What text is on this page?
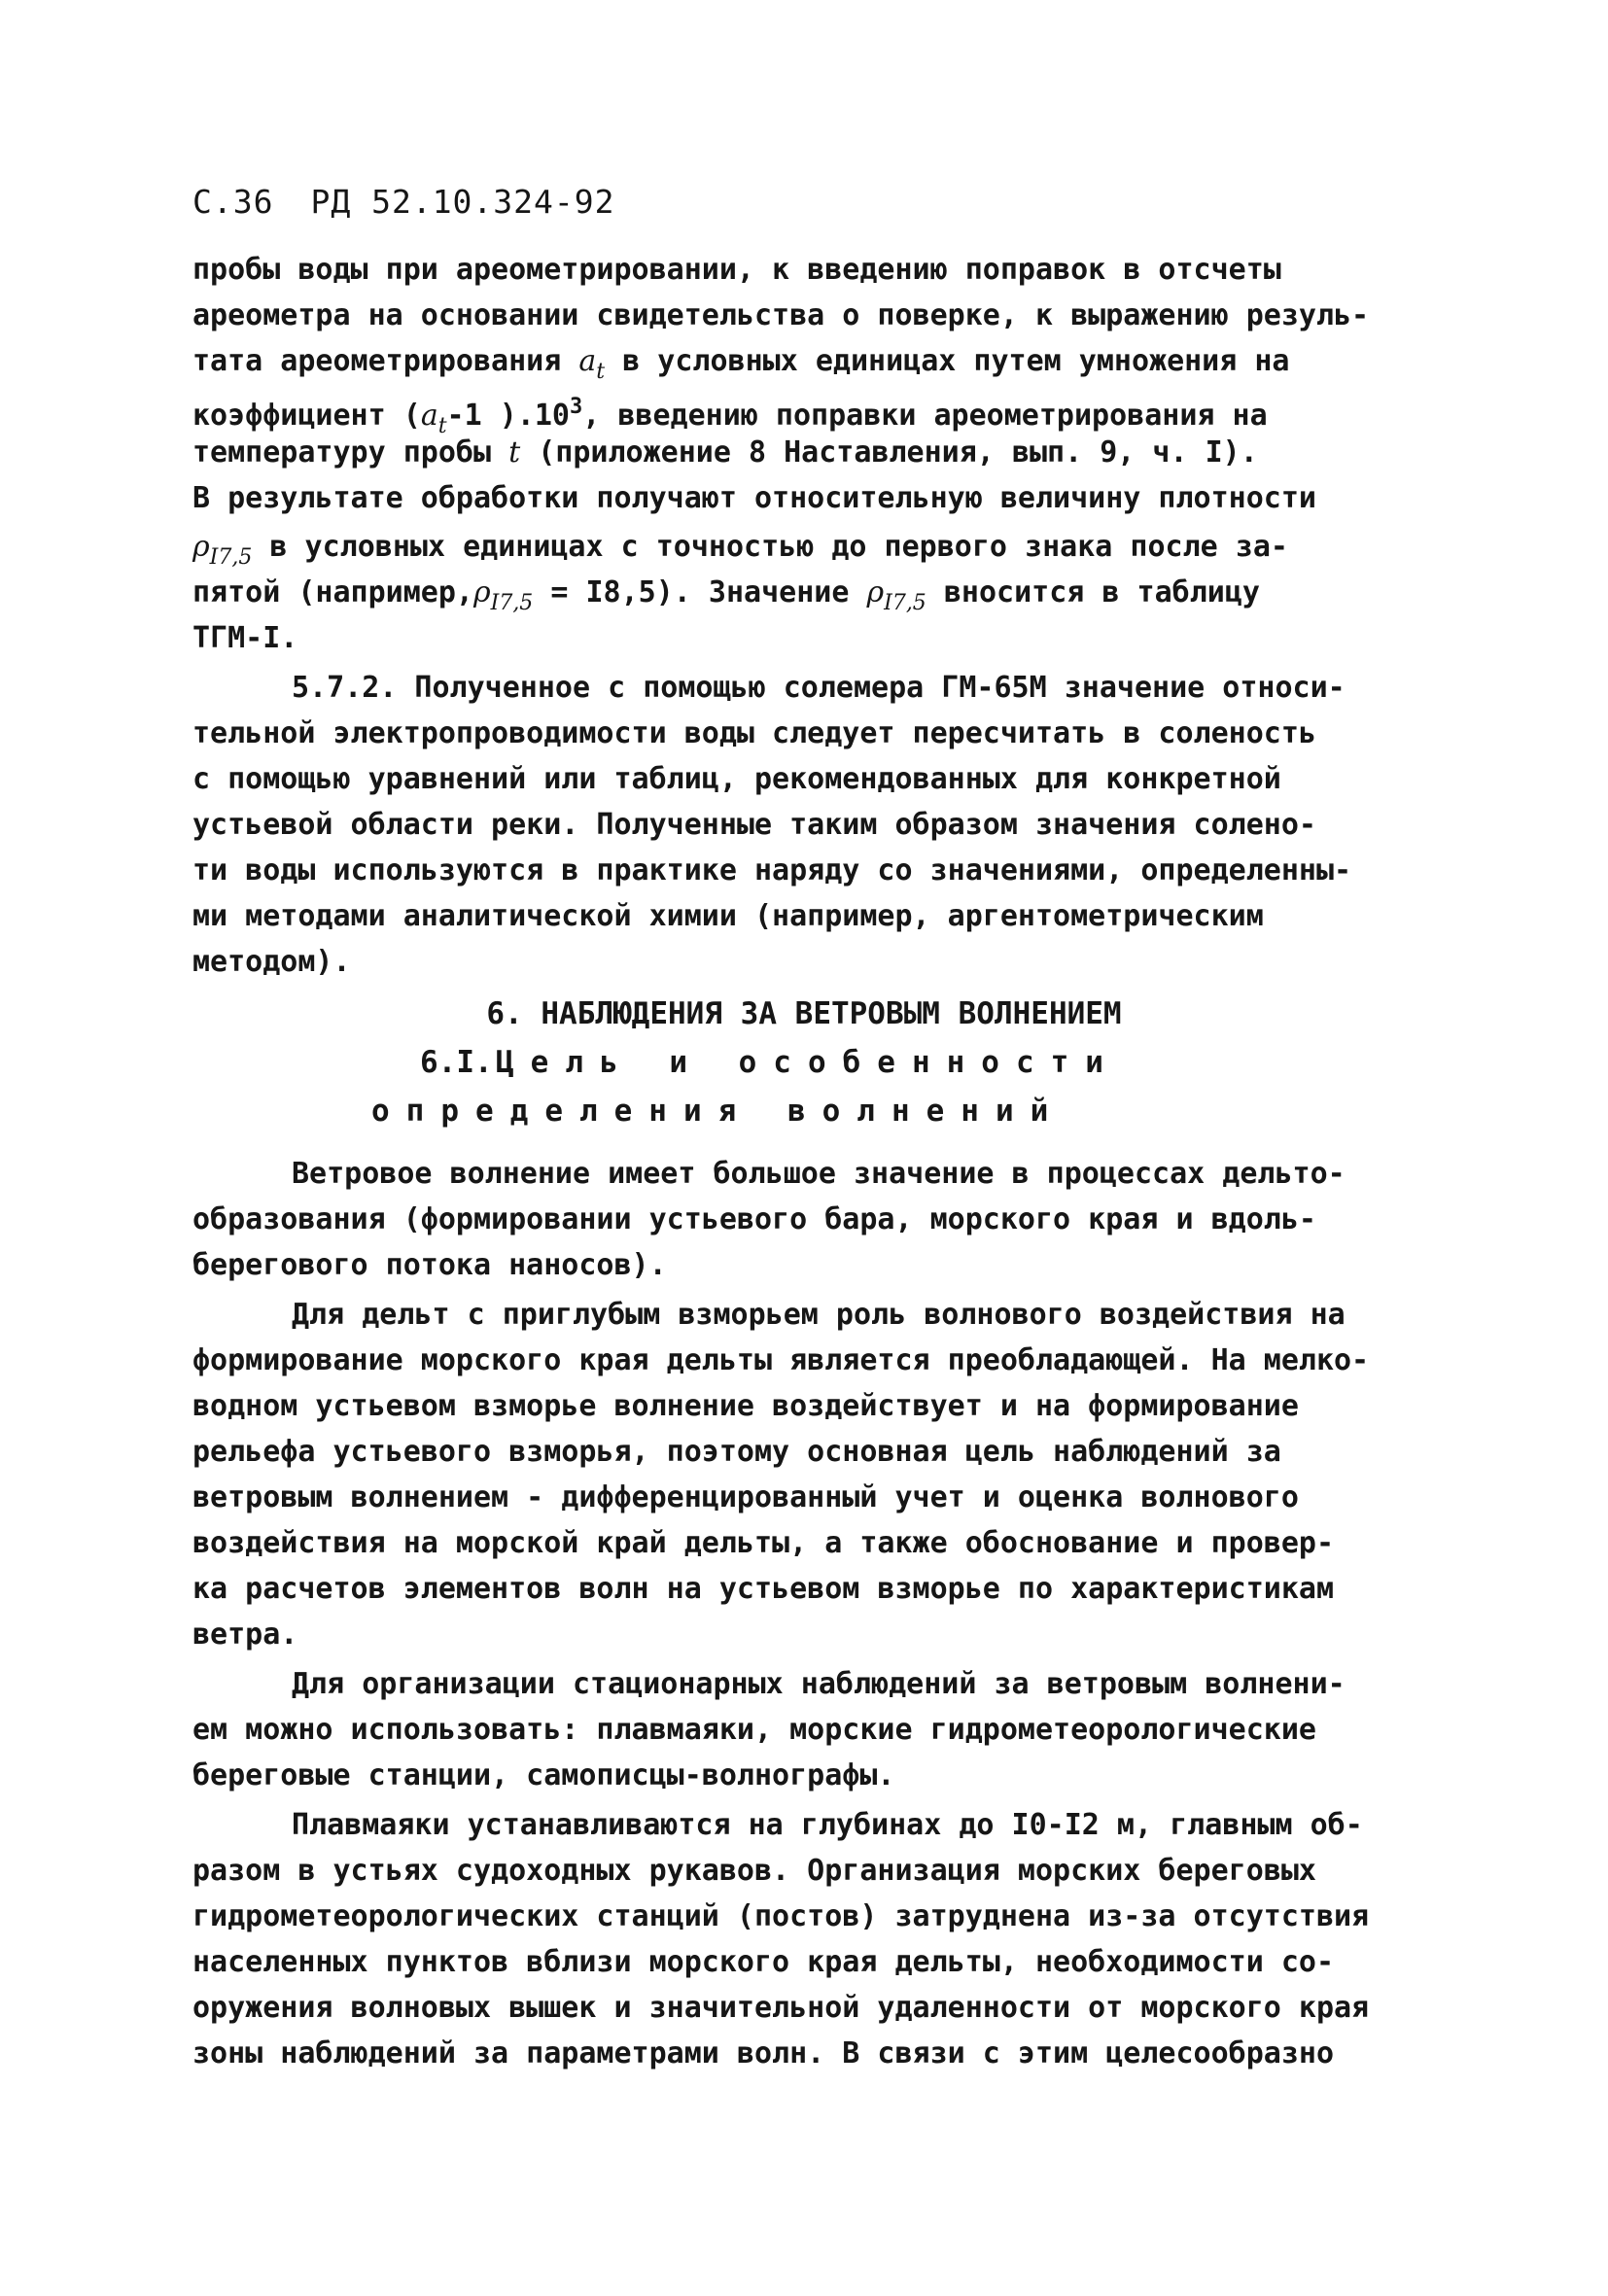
С.36 РД 52.10.324-92
пробы воды при ареометрировании, к введению поправок в отсчеты
ареометра на основании свидетельства о поверке, к выражению резуль-
тата ареометрирования $a_t$ в условных единицах путем умножения на
коэффициент ($a_t-1$ )$.10^3$, введению поправки ареометрирования на
температуру пробы t (приложение 8 Наставления, вып. 9, ч. I).
В результате обработки получают относительную величину плотности
$\rho_{I7,5}$ в условных единицах с точностью до первого знака после за-
пятой $(например,\rho_{I7,5} = I8,5)$. Значение $\rho_{I7,5}$ вносится в таблицу
ТГМ-I.
5.7.2. Полученное с помощью солемера ГМ-65М значение относи-
тельной электропроводимости воды следует пересчитать в соленость
с помощью уравнений или таблиц, рекомендованных для конкретной
устьевой области реки. Полученные таким образом значения солено-
ти воды используются в практике наряду со значениями, определенны-
ми методами аналитической химии (например, аргентометрическим
методом).
6. НАБЛЮДЕНИЯ ЗА ВЕТРОВЫМ ВОЛНЕНИЕМ
6.I. Цель и особенности
определения волнений
Ветровое волнение имеет большое значение в процессах дельто-
образования (формировании устьевого бара, морского края и вдоль-
берегового потока наносов).
Для дельт с приглубым взморьем роль волнового воздействия на
формирование морского края дельты является преобладающей. На мелко-
водном устьевом взморье волнение воздействует и на формирование
рельефа устьевого взморья, поэтому основная цель наблюдений за
ветровым волнением - дифференцированный учет и оценка волнового
воздействия на морской край дельты, а также обоснование и провер-
ка расчетов элементов волн на устьевом взморье по характеристикам
ветра.
Для организации стационарных наблюдений за ветровым волнени-
ем можно использовать: плавмаяки, морские гидрометеорологические
береговые станции, самописцы-волнографы.
Плавмаяки устанавливаются на глубинах до I0-I2 м, главным об-
разом в устьях судоходных рукавов. Организация морских береговых
гидрометеорологических станций (постов) затруднена из-за отсутствия
населенных пунктов вблизи морского края дельты, необходимости со-
оружения волновых вышек и значительной удаленности от морского края
зоны наблюдений за параметрами волн. В связи с этим целесообразно
